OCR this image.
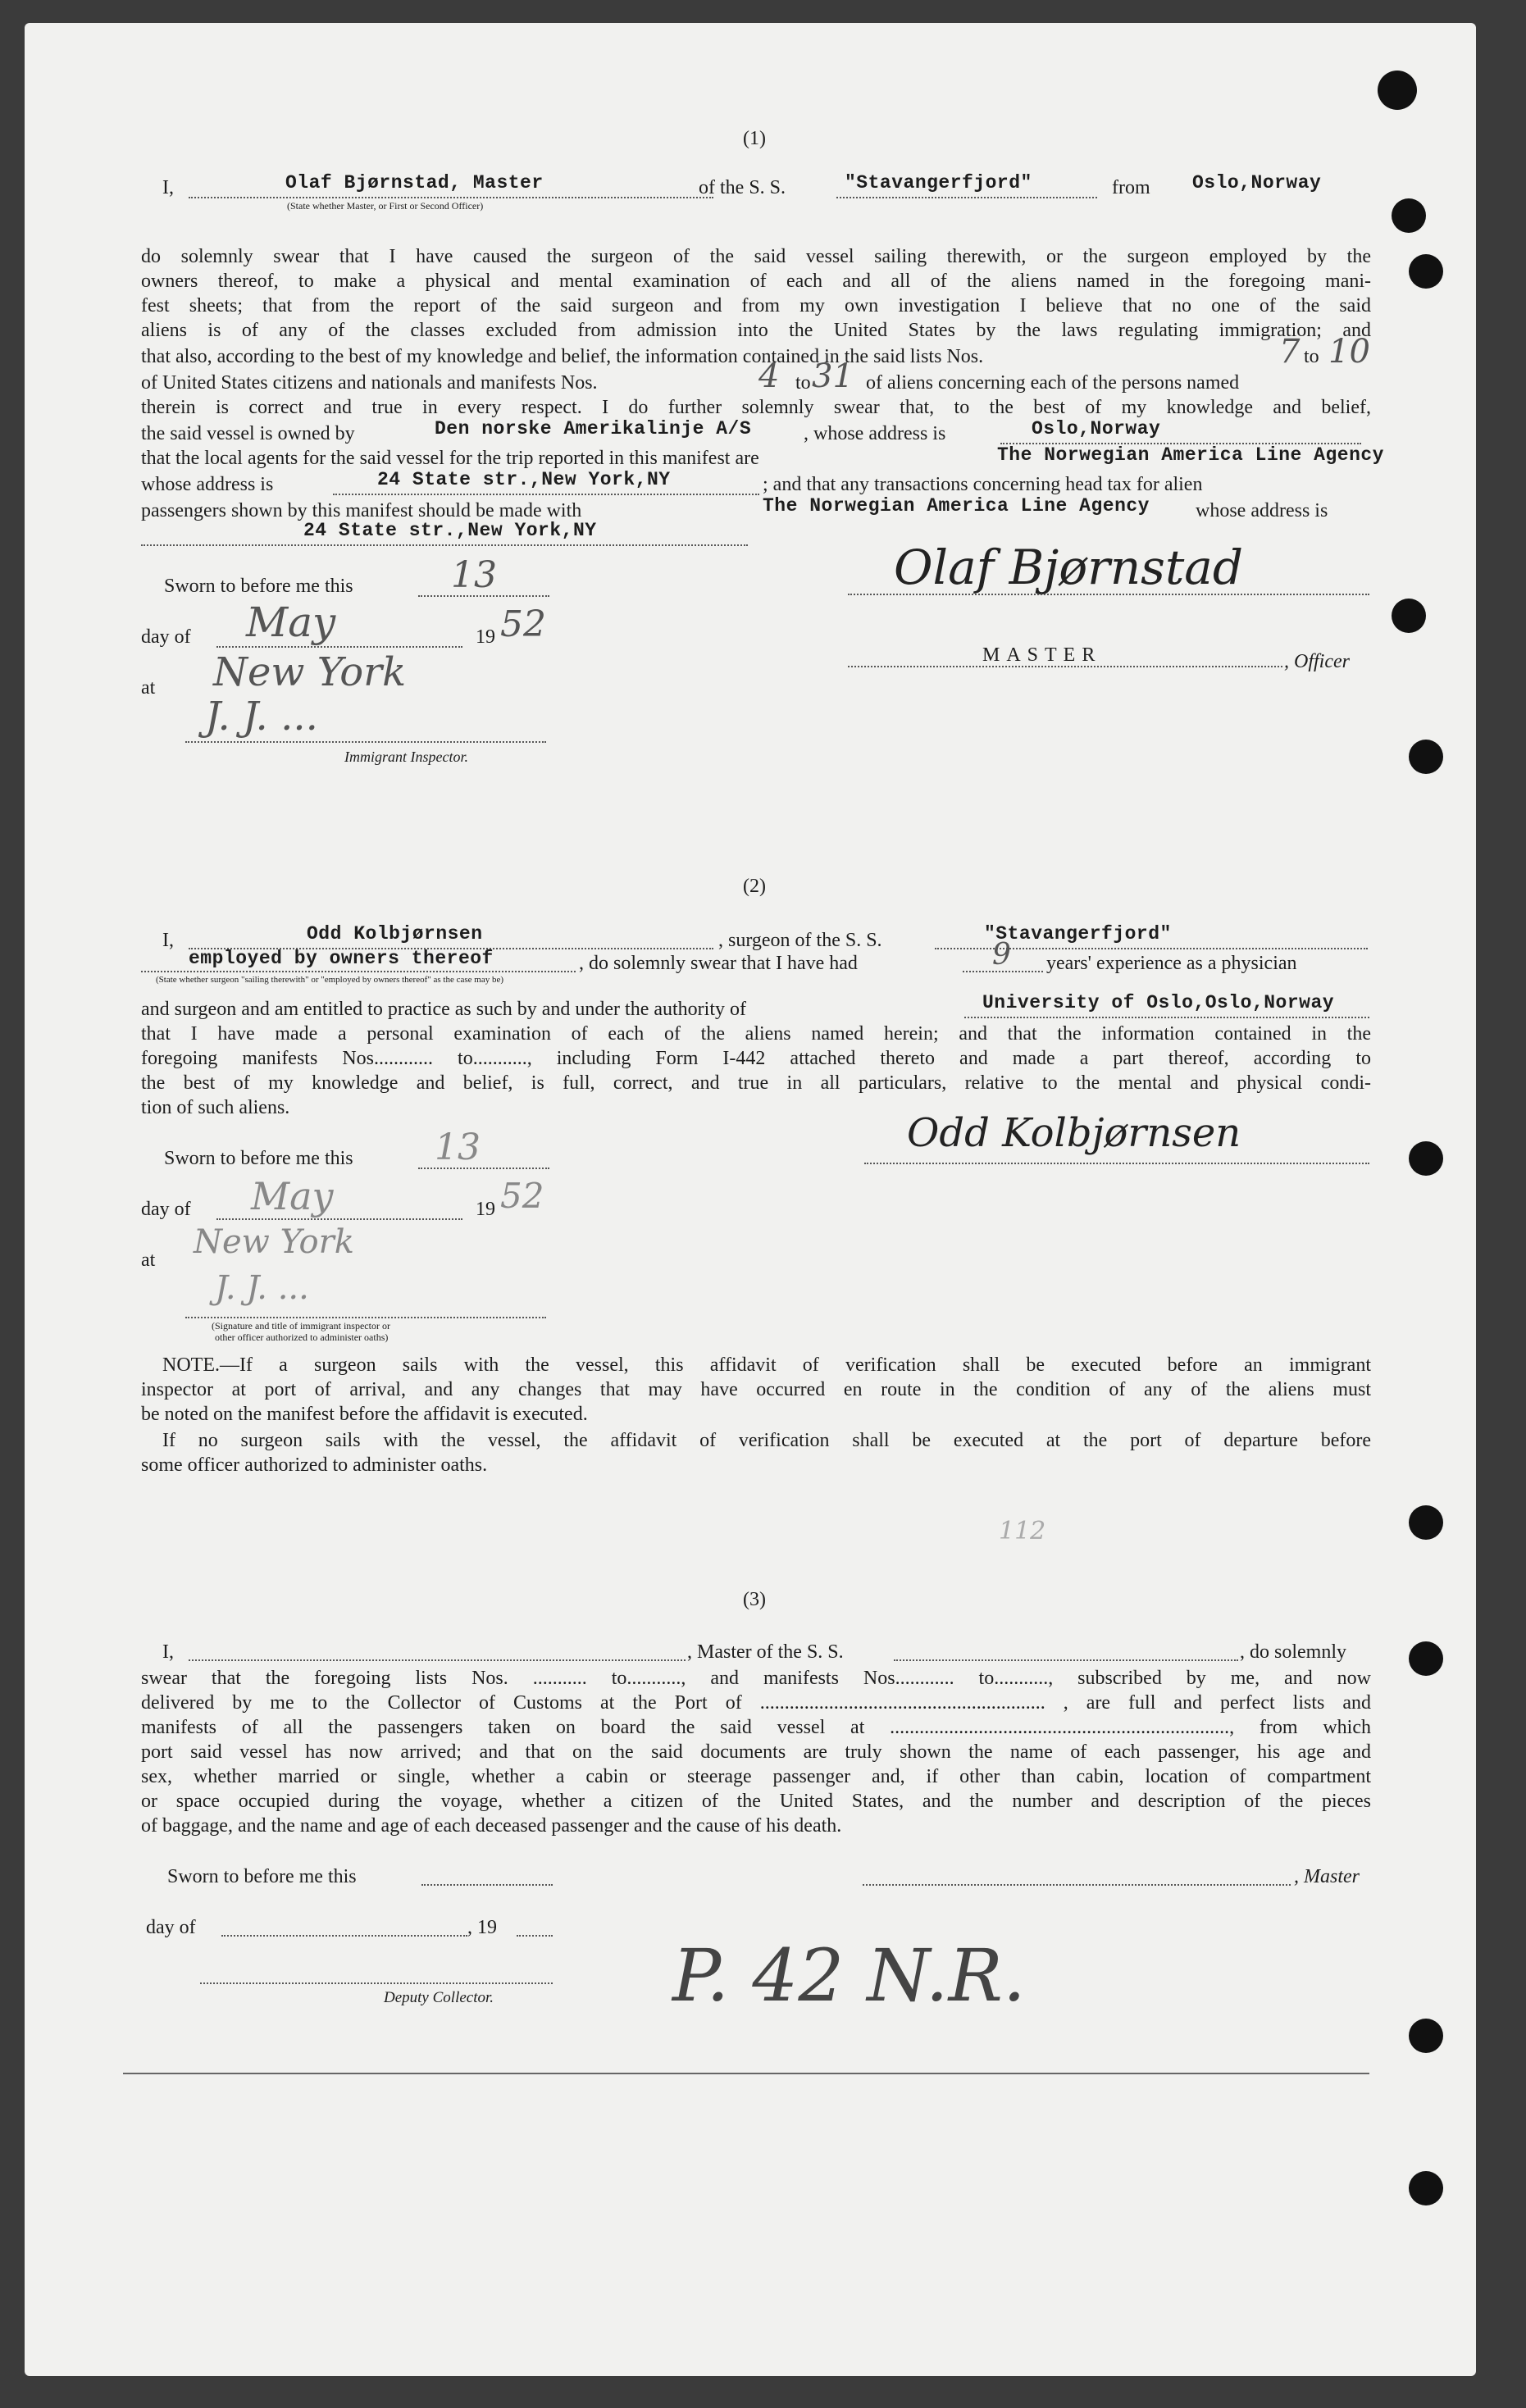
(1)
I,	Olaf Bjørnstad, Master	of the S. S.	"Stavangerfjord"	from Oslo,Norway
(State whether Master, or First or Second Officer)
do solemnly swear that I have caused the surgeon of the said vessel sailing therewith, or the surgeon employed by the
owners thereof, to make a physical and mental examination of each and all of the aliens named in the foregoing mani-
fest sheets; that from the report of the said surgeon and from my own investigation I believe that no one of the said
aliens is of any of the classes excluded from admission into the United States by the laws regulating immigration; and
that also, according to the best of my knowledge and belief, the information contained in the said lists Nos.	7 to 10
of United States citizens and nationals and manifests Nos.	4 to 31 of aliens concerning each of the persons named
therein is correct and true in every respect. I do further solemnly swear that, to the best of my knowledge and belief,
the said vessel is owned by	Den norske Amerikalinje A/S	, whose address is	Oslo,Norway
that the local agents for the said vessel for the trip reported in this manifest are	The Norwegian America Line Agency
whose address is	24 State str.,New York,NY	; and that any transactions concerning head tax for alien
passengers shown by this manifest should be made with	The Norwegian America Line Agency whose address is
24 State str.,New York,NY
Sworn to before me this	13
day of May	19 52
at New York
J. J. ...
Immigrant Inspector.
Olaf Bjørnstad
MASTER	, Officer
(2)
I,	Odd Kolbjørnsen	, surgeon of the S. S.	"Stavangerfjord"
employed by owners thereof	, do solemnly swear that I have had	9 years' experience as a physician
(State whether surgeon "sailing therewith" or "employed by owners thereof" as the case may be)
and surgeon and am entitled to practice as such by and under the authority of	University of Oslo,Oslo,Norway
that I have made a personal examination of each of the aliens named herein; and that the information contained in the
foregoing manifests Nos............ to..........., including Form I-442 attached thereto and made a part thereof, according to
the best of my knowledge and belief, is full, correct, and true in all particulars, relative to the mental and physical condi-
tion of such aliens.
Odd Kolbjørnsen
Sworn to before me this 13
day of May	19 52
at New York
J. J. ...
(Signature and title of immigrant inspector or
other officer authorized to administer oaths)
NOTE.—If a surgeon sails with the vessel, this affidavit of verification shall be executed before an immigrant
inspector at port of arrival, and any changes that may have occurred en route in the condition of any of the aliens must
be noted on the manifest before the affidavit is executed.
If no surgeon sails with the vessel, the affidavit of verification shall be executed at the port of departure before
some officer authorized to administer oaths.
112
(3)
I,	, Master of the S. S.	, do solemnly
swear that the foregoing lists Nos. ........... to..........., and manifests Nos............ to..........., subscribed by me, and now
delivered by me to the Collector of Customs at the Port of .......................................................... , are full and perfect lists and
manifests of all the passengers taken on board the said vessel at ....................................................................., from which
port said vessel has now arrived; and that on the said documents are truly shown the name of each passenger, his age and
sex, whether married or single, whether a cabin or steerage passenger and, if other than cabin, location of compartment
or space occupied during the voyage, whether a citizen of the United States, and the number and description of the pieces
of baggage, and the name and age of each deceased passenger and the cause of his death.
Sworn to before me this	, Master
day of	, 19
Deputy Collector. P. 42 N.R.
